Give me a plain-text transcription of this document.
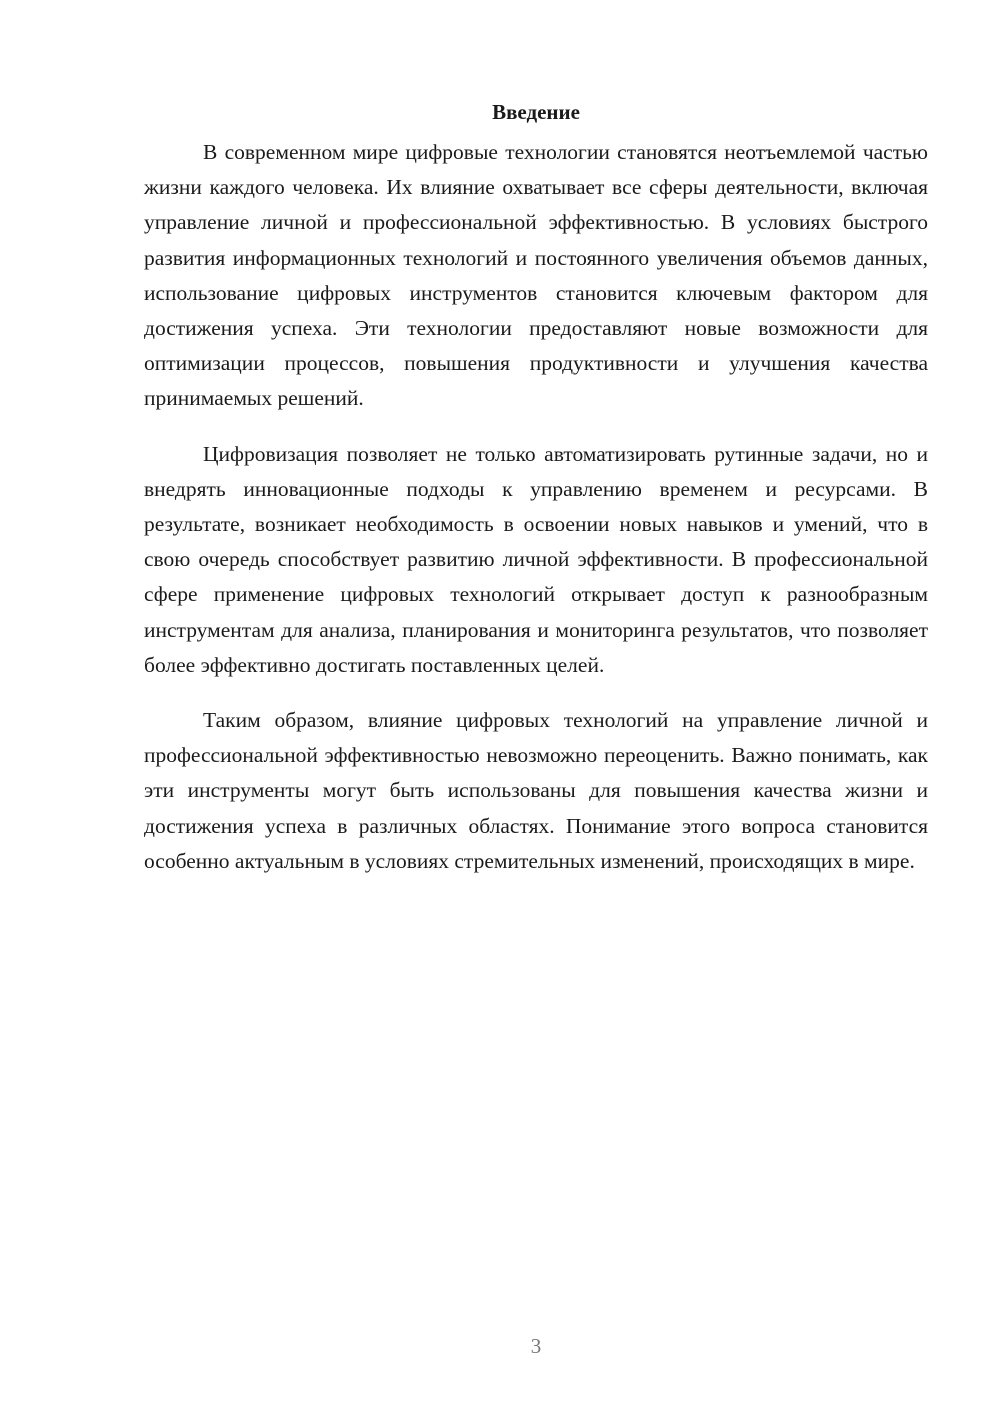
Введение

В современном мире цифровые технологии становятся неотъемлемой частью жизни каждого человека. Их влияние охватывает все сферы деятельности, включая управление личной и профессиональной эффективностью. В условиях быстрого развития информационных технологий и постоянного увеличения объемов данных, использование цифровых инструментов становится ключевым фактором для достижения успеха. Эти технологии предоставляют новые возможности для оптимизации процессов, повышения продуктивности и улучшения качества принимаемых решений.

Цифровизация позволяет не только автоматизировать рутинные задачи, но и внедрять инновационные подходы к управлению временем и ресурсами. В результате, возникает необходимость в освоении новых навыков и умений, что в свою очередь способствует развитию личной эффективности. В профессиональной сфере применение цифровых технологий открывает доступ к разнообразным инструментам для анализа, планирования и мониторинга результатов, что позволяет более эффективно достигать поставленных целей.

Таким образом, влияние цифровых технологий на управление личной и профессиональной эффективностью невозможно переоценить. Важно понимать, как эти инструменты могут быть использованы для повышения качества жизни и достижения успеха в различных областях. Понимание этого вопроса становится особенно актуальным в условиях стремительных изменений, происходящих в мире.

3
